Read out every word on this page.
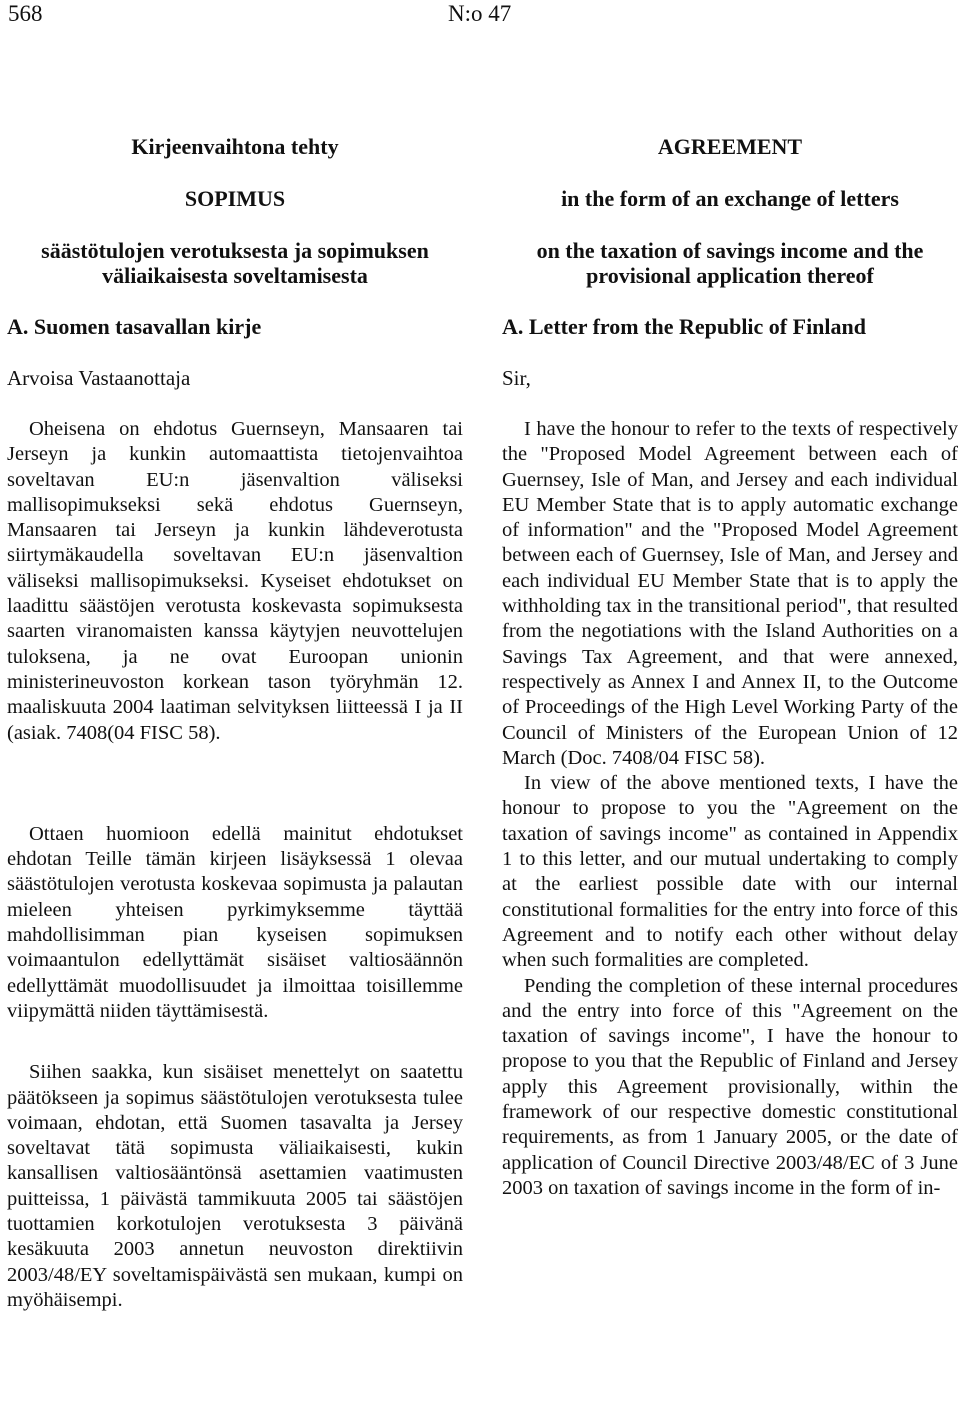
568	N:o 47

Kirjeenvaihtona tehty

SOPIMUS

säästötulojen verotuksesta ja sopimuksen väliaikaisesta soveltamisesta

A. Suomen tasavallan kirje

Arvoisa Vastaanottaja

Oheisena on ehdotus Guernseyn, Mansaaren tai Jerseyn ja kunkin automaattista tietojenvaihtoa soveltavan EU:n jäsenvaltion väliseksi mallisopimukseksi sekä ehdotus Guernseyn, Mansaaren tai Jerseyn ja kunkin lähdeverotusta siirtymäkaudella soveltavan EU:n jäsenvaltion väliseksi mallisopimukseksi. Kyseiset ehdotukset on laadittu säästöjen verotusta koskevasta sopimuksesta saarten viranomaisten kanssa käytyjen neuvottelujen tuloksena, ja ne ovat Euroopan unionin ministerineuvoston korkean tason työryhmän 12. maaliskuuta 2004 laatiman selvityksen liitteessä I ja II (asiak. 7408(04 FISC 58).

Ottaen huomioon edellä mainitut ehdotukset ehdotan Teille tämän kirjeen lisäyksessä 1 olevaa säästötulojen verotusta koskevaa sopimusta ja palautan mieleen yhteisen pyrkimyksemme täyttää mahdollisimman pian kyseisen sopimuksen voimaantulon edellyttämät sisäiset valtiosäännön edellyttämät muodollisuudet ja ilmoittaa toisillemme viipymättä niiden täyttämisestä.

Siihen saakka, kun sisäiset menettelyt on saatettu päätökseen ja sopimus säästötulojen verotuksesta tulee voimaan, ehdotan, että Suomen tasavalta ja Jersey soveltavat tätä sopimusta väliaikaisesti, kukin kansallisen valtiosääntönsä asettamien vaatimusten puitteissa, 1 päivästä tammikuuta 2005 tai säästöjen tuottamien korkotulojen verotuksesta 3 päivänä kesäkuuta 2003 annetun neuvoston direktiivin 2003/48/EY soveltamispäivästä sen mukaan, kumpi on myöhäisempi.

AGREEMENT

in the form of an exchange of letters

on the taxation of savings income and the provisional application thereof

A. Letter from the Republic of Finland

Sir,

I have the honour to refer to the texts of respectively the "Proposed Model Agreement between each of Guernsey, Isle of Man, and Jersey and each individual EU Member State that is to apply automatic exchange of information" and the "Proposed Model Agreement between each of Guernsey, Isle of Man, and Jersey and each individual EU Member State that is to apply the withholding tax in the transitional period", that resulted from the negotiations with the Island Authorities on a Savings Tax Agreement, and that were annexed, respectively as Annex I and Annex II, to the Outcome of Proceedings of the High Level Working Party of the Council of Ministers of the European Union of 12 March (Doc. 7408/04 FISC 58).

In view of the above mentioned texts, I have the honour to propose to you the "Agreement on the taxation of savings income" as contained in Appendix 1 to this letter, and our mutual undertaking to comply at the earliest possible date with our internal constitutional formalities for the entry into force of this Agreement and to notify each other without delay when such formalities are completed.

Pending the completion of these internal procedures and the entry into force of this "Agreement on the taxation of savings income", I have the honour to propose to you that the Republic of Finland and Jersey apply this Agreement provisionally, within the framework of our respective domestic constitutional requirements, as from 1 January 2005, or the date of application of Council Directive 2003/48/EC of 3 June 2003 on taxation of savings income in the form of in-
